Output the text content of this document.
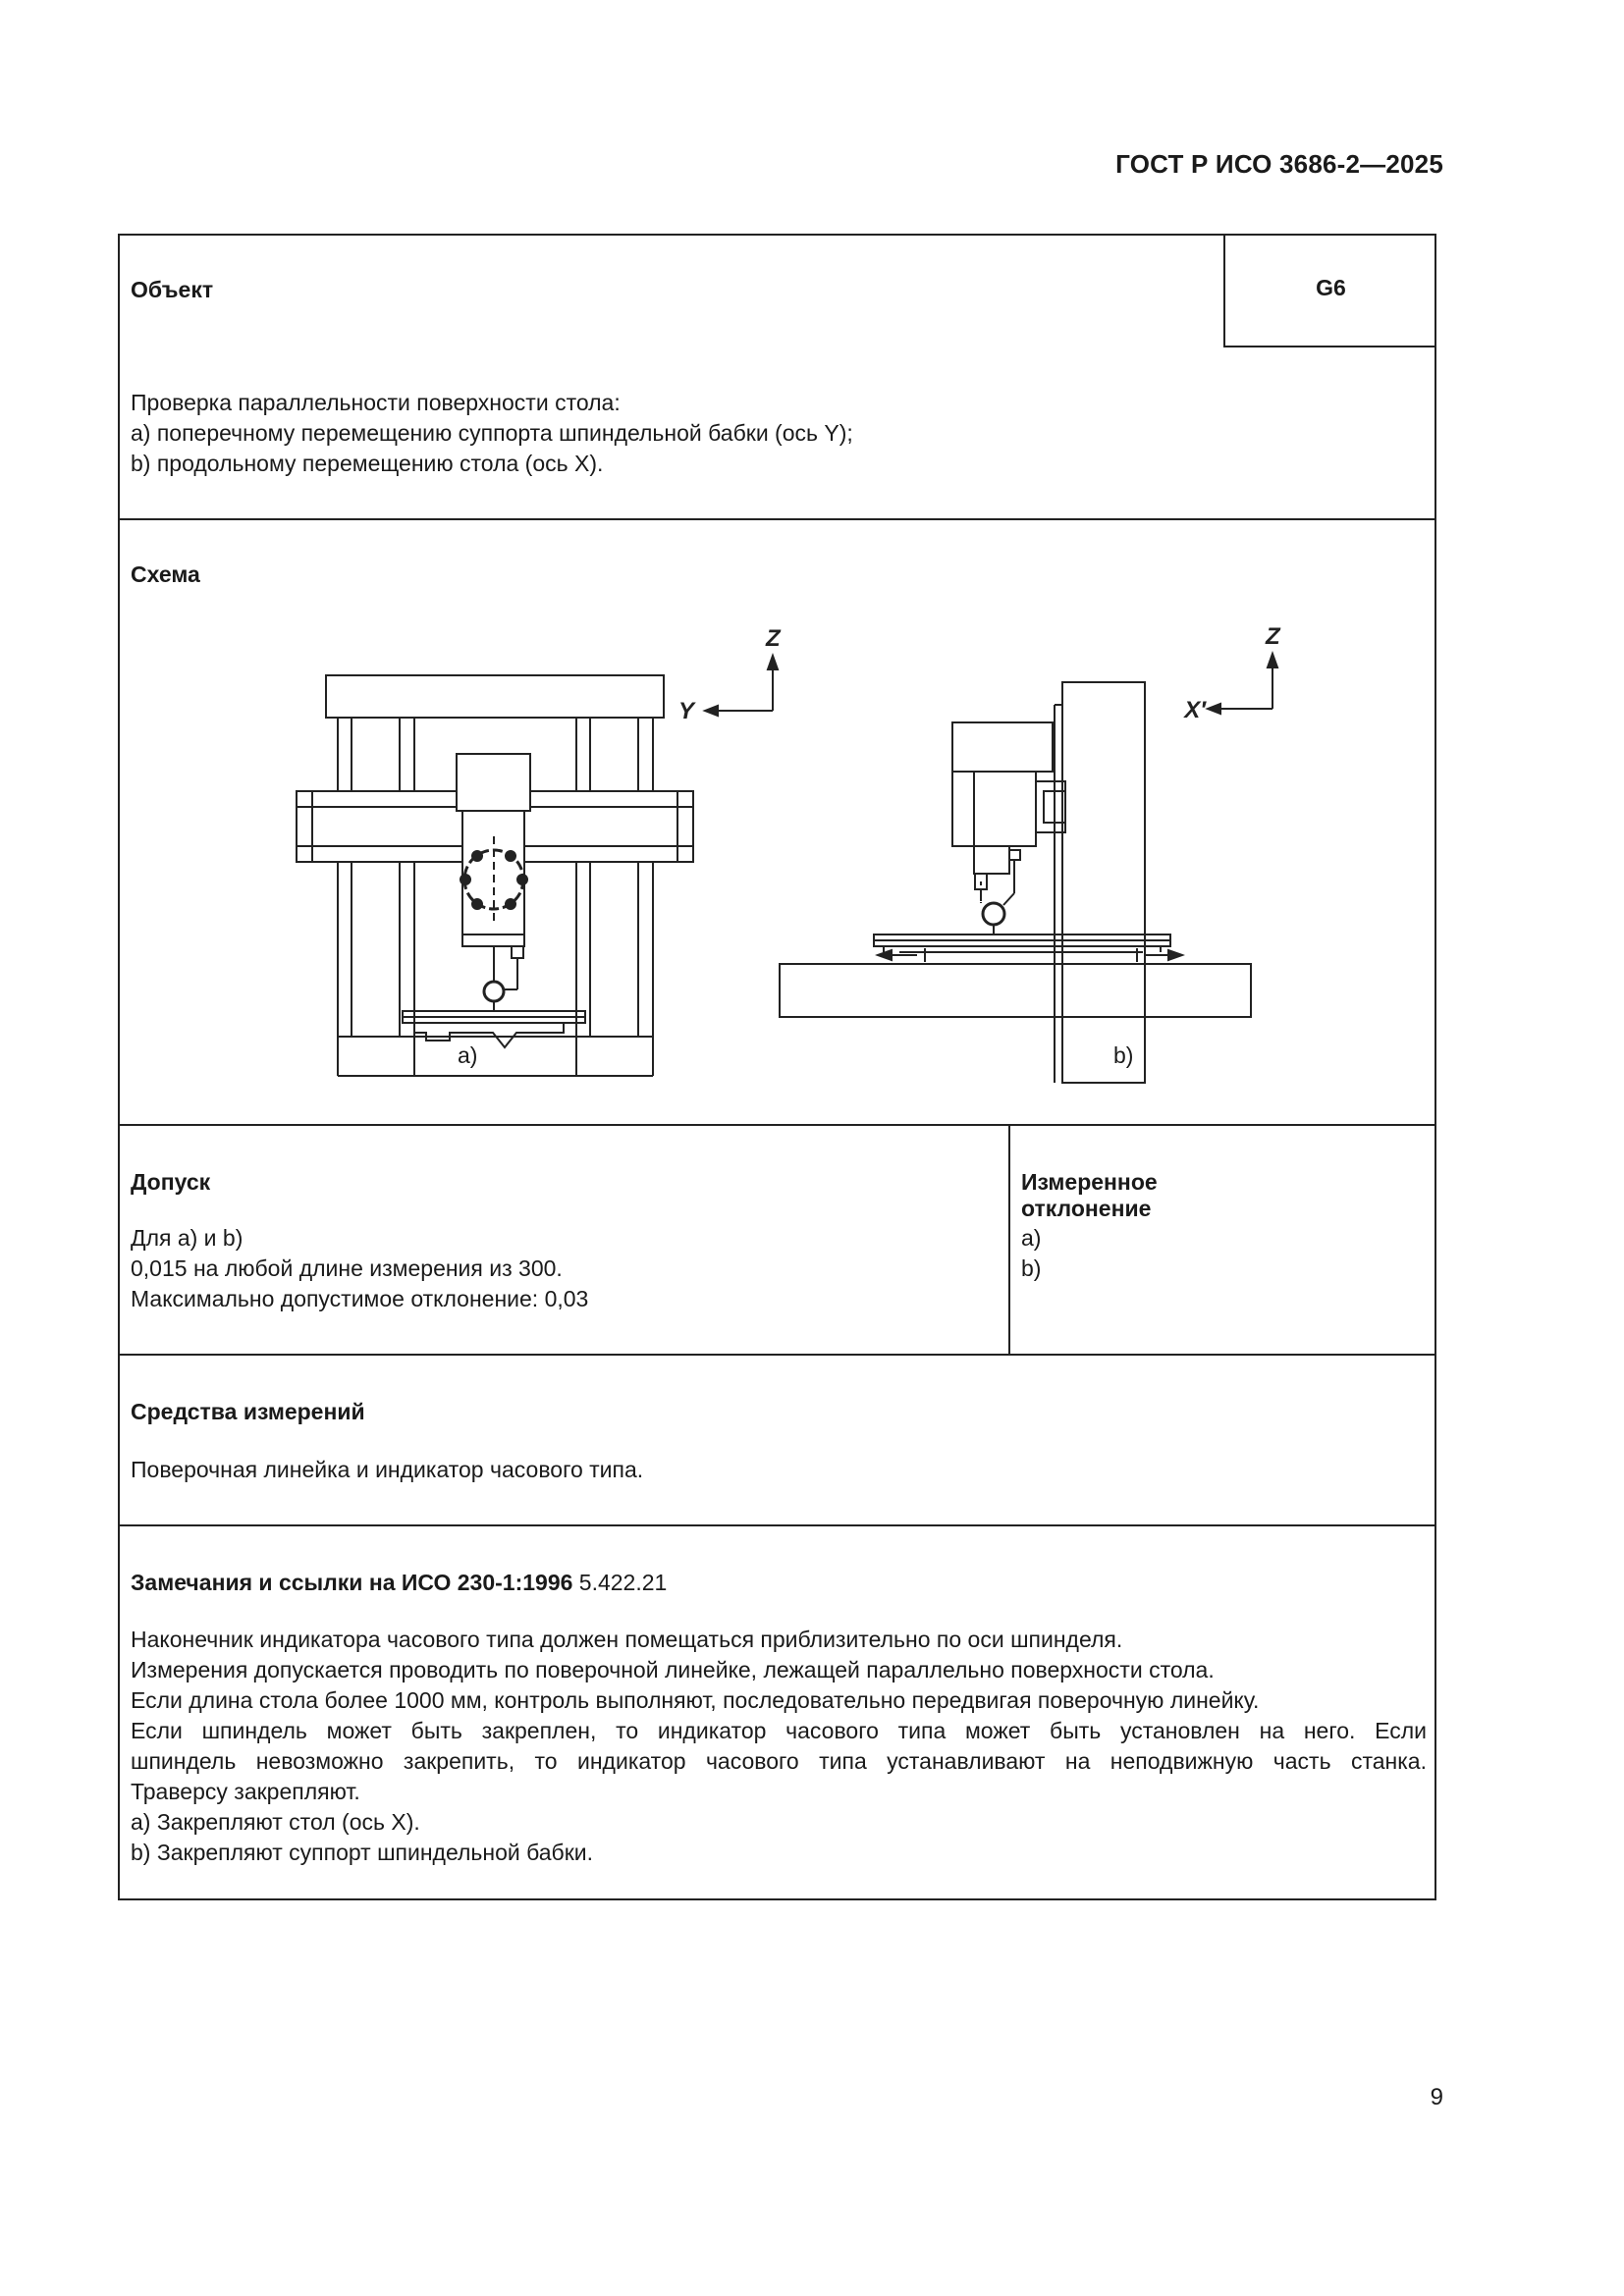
ГОСТ Р ИСО 3686-2—2025
Объект	G6
Проверка параллельности поверхности стола:
a) поперечному перемещению суппорта шпиндельной бабки (ось Y);
b) продольному перемещению стола (ось X).
Схема
Z
Y
Z
X′
a)	b)
Допуск
Для a) и b)
0,015 на любой длине измерения из 300.
Максимально допустимое отклонение: 0,03
Измеренное отклонение
a)
b)
Средства измерений
Поверочная линейка и индикатор часового типа.
Замечания и ссылки на ИСО 230-1:1996 5.422.21
Наконечник индикатора часового типа должен помещаться приблизительно по оси шпинделя.
Измерения допускается проводить по поверочной линейке, лежащей параллельно поверхности стола.
Если длина стола более 1000 мм, контроль выполняют, последовательно передвигая поверочную линейку.
Если шпиндель может быть закреплен, то индикатор часового типа может быть установлен на него. Если
шпиндель невозможно закрепить, то индикатор часового типа устанавливают на неподвижную часть станка.
Траверсу закрепляют.
a) Закрепляют стол (ось X).
b) Закрепляют суппорт шпиндельной бабки.
9
